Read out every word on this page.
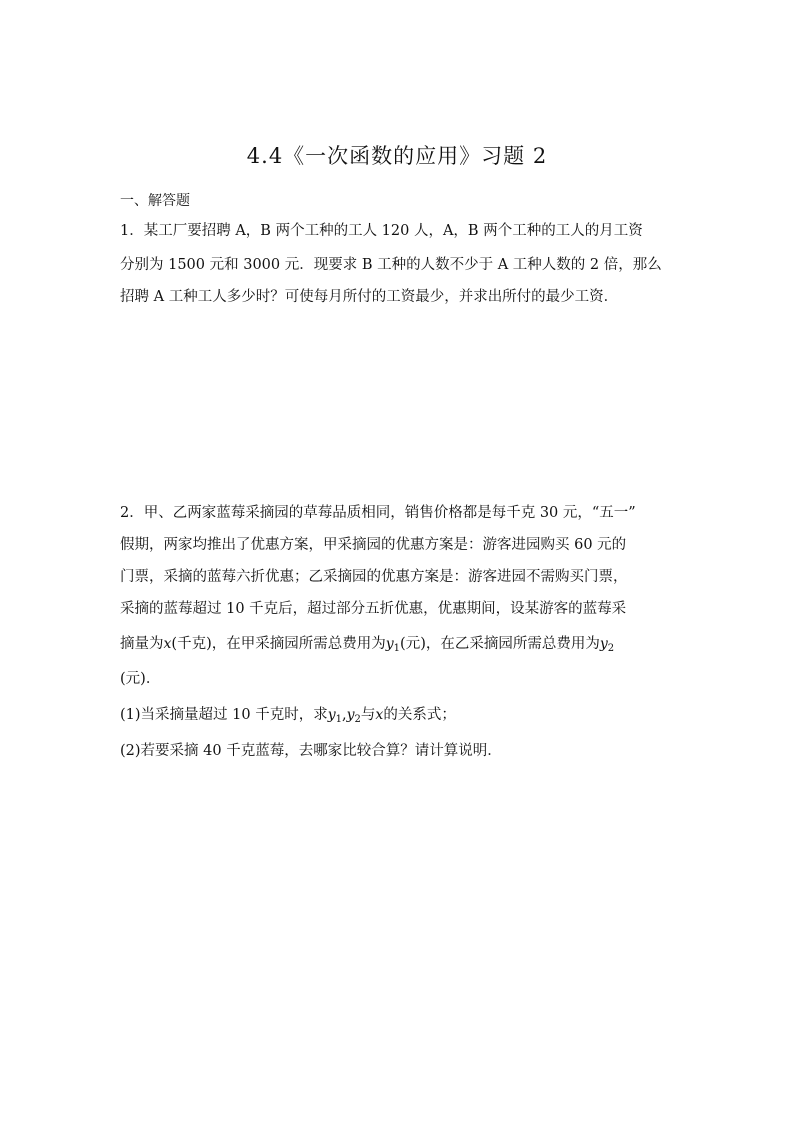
4.4《一次函数的应用》习题 2
一、解答题
1．某工厂要招聘 A，B 两个工种的工人 120 人，A，B 两个工种的工人的月工资
分别为 1500 元和 3000 元．现要求 B 工种的人数不少于 A 工种人数的 2 倍，那么
招聘 A 工种工人多少时？可使每月所付的工资最少，并求出所付的最少工资．
2．甲、乙两家蓝莓采摘园的草莓品质相同，销售价格都是每千克 30 元，“五一”
假期，两家均推出了优惠方案，甲采摘园的优惠方案是：游客进园购买 60 元的
门票，采摘的蓝莓六折优惠；乙采摘园的优惠方案是：游客进园不需购买门票，
采摘的蓝莓超过 10 千克后，超过部分五折优惠，优惠期间，设某游客的蓝莓采
摘量为x(千克)，在甲采摘园所需总费用为$y_1$(元)，在乙采摘园所需总费用为$y_2$
(元)．
(1)当采摘量超过 10 千克时，求$y_1,y_2$与x的关系式；
(2)若要采摘 40 千克蓝莓，去哪家比较合算？请计算说明．
